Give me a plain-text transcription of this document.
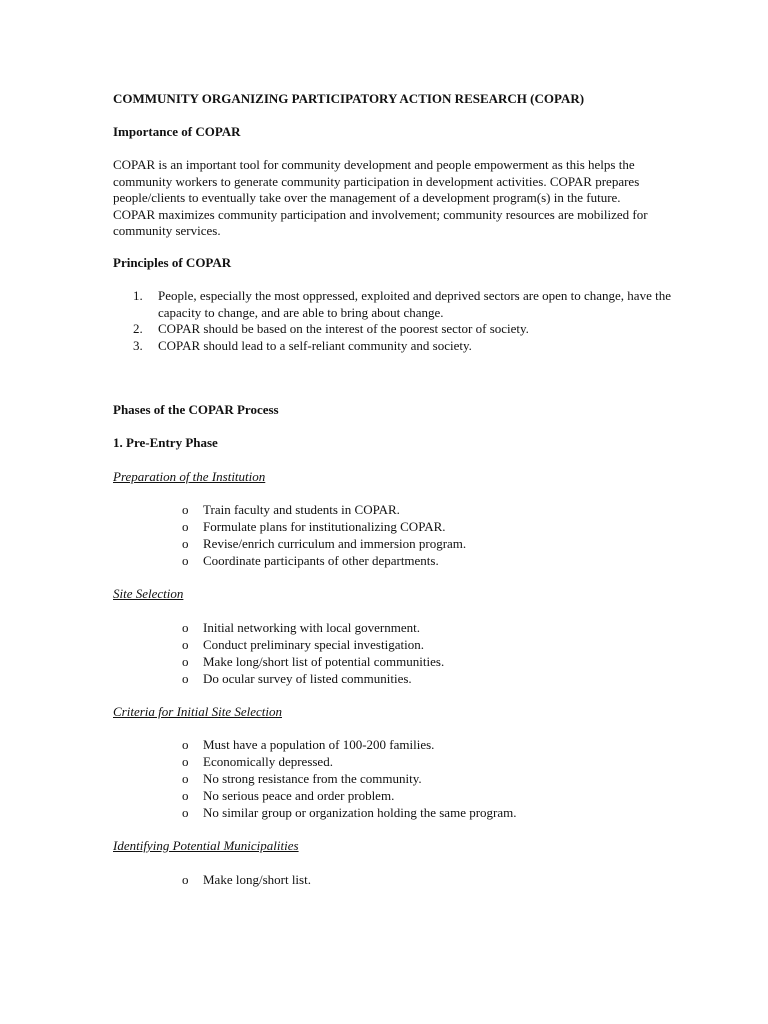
COMMUNITY ORGANIZING PARTICIPATORY ACTION RESEARCH (COPAR)
Importance of COPAR

COPAR is an important tool for community development and people empowerment as this helps the community workers to generate community participation in development activities. COPAR prepares people/clients to eventually take over the management of a development program(s) in the future. COPAR maximizes community participation and involvement; community resources are mobilized for community services.

Principles of COPAR
1. People, especially the most oppressed, exploited and deprived sectors are open to change, have the capacity to change, and are able to bring about change.
2. COPAR should be based on the interest of the poorest sector of society.
3. COPAR should lead to a self-reliant community and society.
Phases of the COPAR Process
1. Pre-Entry Phase
Preparation of the Institution
o Train faculty and students in COPAR.
o Formulate plans for institutionalizing COPAR.
o Revise/enrich curriculum and immersion program.
o Coordinate participants of other departments.
Site Selection
o Initial networking with local government.
o Conduct preliminary special investigation.
o Make long/short list of potential communities.
o Do ocular survey of listed communities.
Criteria for Initial Site Selection
o Must have a population of 100-200 families.
o Economically depressed.
o No strong resistance from the community.
o No serious peace and order problem.
o No similar group or organization holding the same program.
Identifying Potential Municipalities
o Make long/short list.
